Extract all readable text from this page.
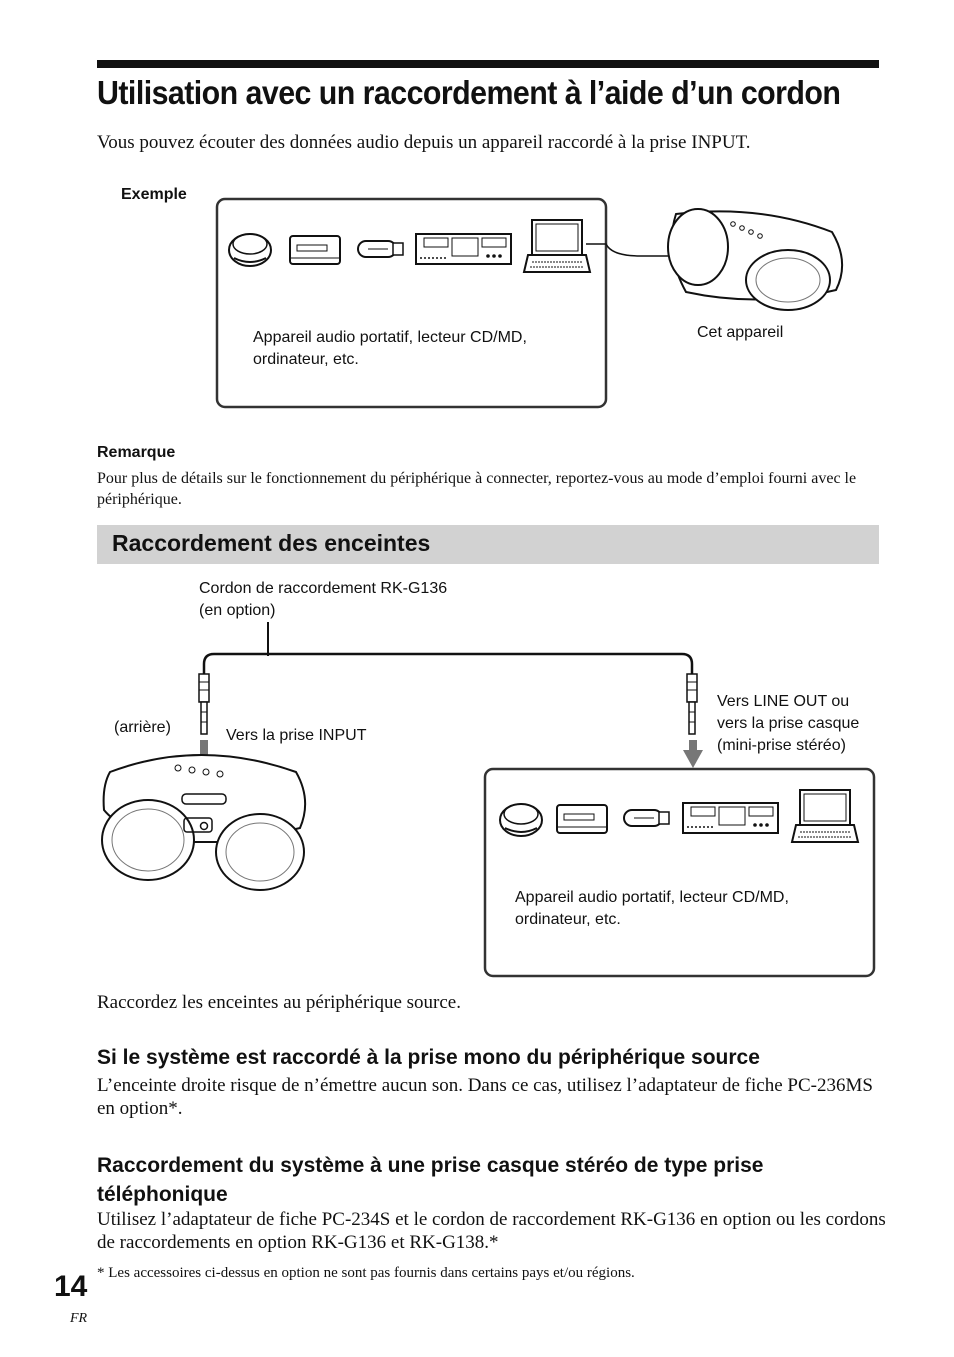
Utilisation avec un raccordement à l’aide d’un cordon
Vous pouvez écouter des données audio depuis un appareil raccordé à la prise INPUT.
Exemple
Appareil audio portatif, lecteur CD/MD,
ordinateur, etc.
Cet appareil
Remarque
Pour plus de détails sur le fonctionnement du périphérique à connecter, reportez-vous au mode d’emploi fourni avec le périphérique.
Raccordement des enceintes
Cordon de raccordement RK-G136
(en option)
(arrière)	Vers la prise INPUT
Vers LINE OUT ou
vers la prise casque
(mini-prise stéréo)
Appareil audio portatif, lecteur CD/MD,
ordinateur, etc.
Raccordez les enceintes au périphérique source.
Si le système est raccordé à la prise mono du périphérique source
L’enceinte droite risque de n’émettre aucun son. Dans ce cas, utilisez l’adaptateur de fiche PC-236MS en option*.
Raccordement du système à une prise casque stéréo de type prise téléphonique
Utilisez l’adaptateur de fiche PC-234S et le cordon de raccordement RK-G136 en option ou les cordons de raccordements en option RK-G136 et RK-G138.*
* Les accessoires ci-dessus en option ne sont pas fournis dans certains pays et/ou régions.
14
FR
